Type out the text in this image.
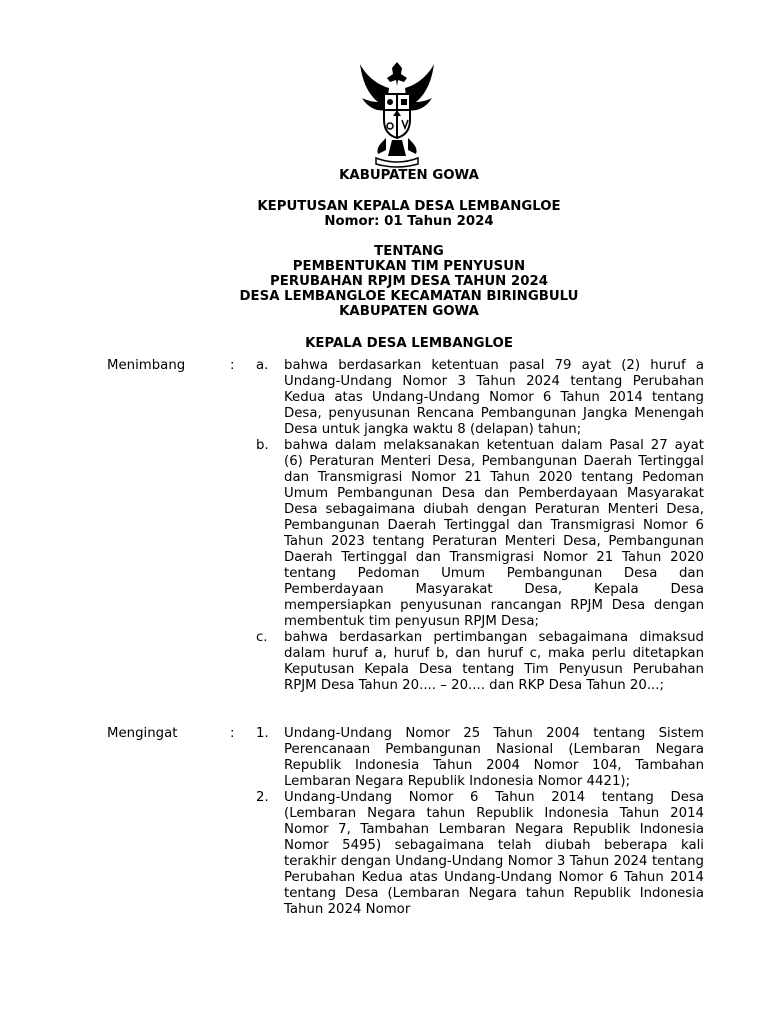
KABUPATEN GOWA
KEPUTUSAN KEPALA DESA LEMBANGLOE
Nomor: 01 Tahun 2024
TENTANG
PEMBENTUKAN TIM PENYUSUN
PERUBAHAN RPJM DESA TAHUN 2024
DESA LEMBANGLOE KECAMATAN BIRINGBULU
KABUPATEN GOWA
KEPALA DESA LEMBANGLOE
Menimbang	: a. bahwa berdasarkan ketentuan pasal 79 ayat (2) huruf a Undang-Undang Nomor 3 Tahun 2024 tentang Perubahan Kedua atas Undang-Undang Nomor 6 Tahun 2014 tentang Desa, penyusunan Rencana Pembangunan Jangka Menengah Desa untuk jangka waktu 8 (delapan) tahun;
b. bahwa dalam melaksanakan ketentuan dalam Pasal 27 ayat (6) Peraturan Menteri Desa, Pembangunan Daerah Tertinggal dan Transmigrasi Nomor 21 Tahun 2020 tentang Pedoman Umum Pembangunan Desa dan Pemberdayaan Masyarakat Desa sebagaimana diubah dengan Peraturan Menteri Desa, Pembangunan Daerah Tertinggal dan Transmigrasi Nomor 6 Tahun 2023 tentang Peraturan Menteri Desa, Pembangunan Daerah Tertinggal dan Transmigrasi Nomor 21 Tahun 2020 tentang Pedoman Umum Pembangunan Desa dan Pemberdayaan Masyarakat Desa, Kepala Desa mempersiapkan penyusunan rancangan RPJM Desa dengan membentuk tim penyusun RPJM Desa;
c. bahwa berdasarkan pertimbangan sebagaimana dimaksud dalam huruf a, huruf b, dan huruf c, maka perlu ditetapkan Keputusan Kepala Desa tentang Tim Penyusun Perubahan RPJM Desa Tahun 20.... – 20.... dan RKP Desa Tahun 20...;
Mengingat	: 1. Undang-Undang Nomor 25 Tahun 2004 tentang Sistem Perencanaan Pembangunan Nasional (Lembaran Negara Republik Indonesia Tahun 2004 Nomor 104, Tambahan Lembaran Negara Republik Indonesia Nomor 4421);
2. Undang-Undang Nomor 6 Tahun 2014 tentang Desa (Lembaran Negara tahun Republik Indonesia Tahun 2014 Nomor 7, Tambahan Lembaran Negara Republik Indonesia Nomor 5495) sebagaimana telah diubah beberapa kali terakhir dengan Undang-Undang Nomor 3 Tahun 2024 tentang Perubahan Kedua atas Undang-Undang Nomor 6 Tahun 2014 tentang Desa (Lembaran Negara tahun Republik Indonesia Tahun 2024 Nomor
